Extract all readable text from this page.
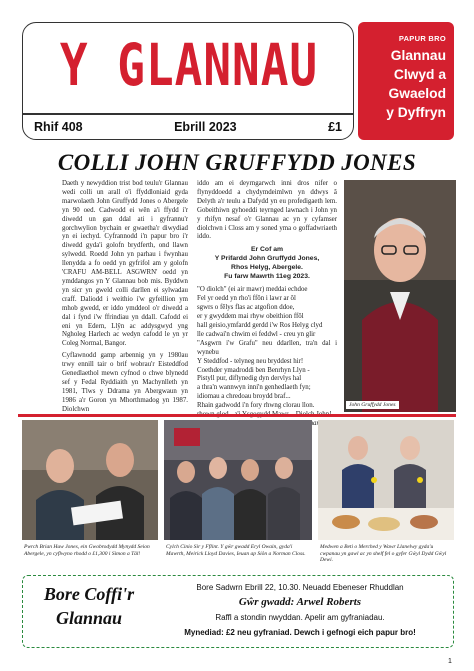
Y GLANNAU
Rhif 408	Ebrill 2023	£1
PAPUR BRO
Glannau
Clwyd a
Gwaelod
y Dyffryn
COLLI JOHN GRUFFYDD JONES

Daeth y newyddion trist bod teulu'r Glannau wedi colli un arall o'i ffyddloniaid gyda marwolaeth John Gruffydd Jones o Abergele yn 90 oed. Cadwodd ei wên a'i ffydd i'r diwedd un gan ddal ati i gyfrannu'r gorchwylion bychain er gwaetha'r diwydiad yn ei iechyd. Cyfrannodd i'n papur bro i'r diwedd gyda'i golofn brydferth, ond llawn sylwedd. Roedd John yn parhau i fwynhau llenydda a fo oedd yn gyfrifol am y golofn 'CRAFU AM-BELL ASGWRN' oedd yn ymddangos yn Y Glannau bob mis. Byddwn yn sicr yn gweld colli darllen ei sylwadau craff. Daliodd i weithio i'w gyfeillion ym mhob gwedd, er iddo ymddeol o'r diwedd a dal i fynd i'w ffrindiau yn ddall. Cafodd ei eni yn Edern, Llŷn ac addysgwyd yng Ngholeg Harlech ac wedyn cafodd le yn yr Coleg Normal, Bangor.

Cyflawnodd gamp arbennig yn y 1980au trwy ennill tair o brif wobrau'r Eisteddfod Genedlaethol mewn cyfnod o chwe blynedd sef y Fedal Ryddiaith yn Machynlleth yn 1981, Tlws y Ddrama yn Abergwaun yn 1986 a'r Goron yn Mhorthmadog yn 1987. Diolchwn

iddo am ei deyrngarwch inni dros nifer o flynyddoedd a chydymdeimlwn yn ddwys â Delyth a'r teulu a Dafydd yn eu profedigaeth lem. Gobeithiwn gyhoeddi teyrnged lawnach i John yn y rhifyn nesaf o'r Glannau ac yn y cyfamser diolchwn i Closs am y soned yma o goffadwriaeth iddo.

Er Cof am
Y Prifardd John Gruffydd Jones,
Rhos Helyg, Abergele.
Fu farw Mawrth 11eg 2023.
"O diolch" (ei air mawr) meddai echdoe
Fel yr oedd yn rho'i ffôn i lawr ar ôl
sgwrs o fêlys flas ac atgofion ddoe,
er y gwyddem mai rhyw obeithion ffôl
hall geisio,ymfardd gerdd i'w Ros Helyg clyd
lle cadwai'n chwim ei feddwl - creu yn glir
"Asgwrn i'w Grafu" neu ddarllen, tra'n dal i wynebu
Y Steddfod - telyneg neu bryddest hir!
Coethder ymadroddi ben Benrhyn Llyn -
Pistyll pur, diflynedig dyn dervlys hal
a thra'n wannwyn inni'n genhedlaeth fyn;
idiomau a chredoau broydd braf...
Rhain gadwodd i'n fory rhwng clorau llon.	John Gruffydd Jones
Pwrch Brian Huw Jones, ein Gwobrodydd Mynydd Seion Abergele, yn cyflwyno rhodd o £1,300 i Simon a Tâl!
Cylch Cinio Sir y Fflint. Y gŵr gwadd Eryl Owain, gyda'i Mawrth, Meirick Lloyd Davies, Ieuan ap Siôn a Norman Closs.
Medwen a Beti o Merched y Wawr Llanelwy gyda'u cwpanau yn gawl ac yn shelf fel o gyfer Gŵyl Dydd Gŵyl Dewi.
Bore Coffi'r Glannau
Bore Sadwrn Ebrill 22, 10.30. Neuadd Ebeneser Rhuddlan
Gŵr gwadd: Arwel Roberts
Raffl a stondin nwyddan. Apelir am gyfraniadau.
Mynediad: £2 neu gyfraniad. Dewch i gefnogi eich papur bro!
1
